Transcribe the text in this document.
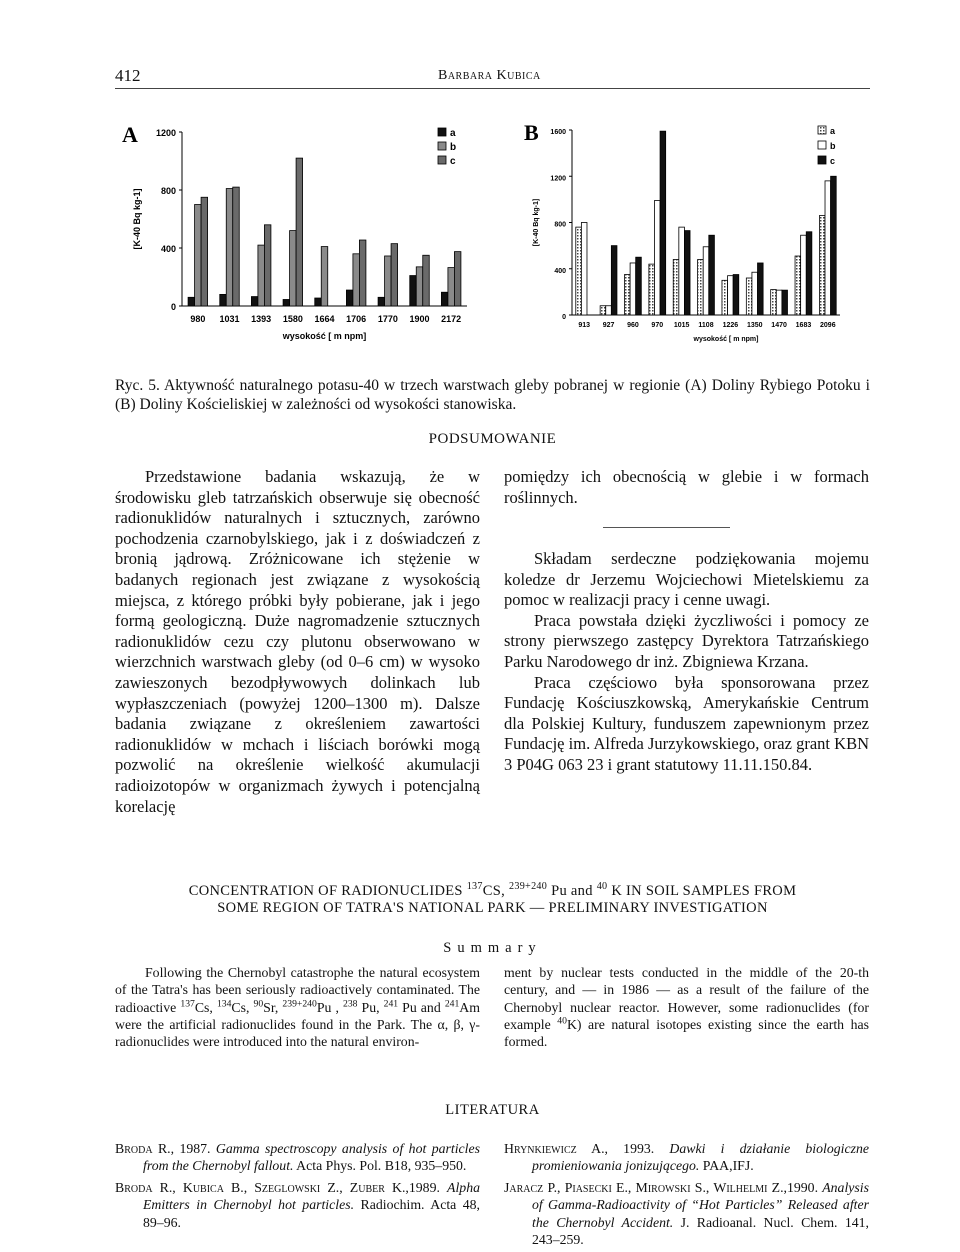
412	Barbara Kubica
A
[K-40 Bq kg-1]
0
400
800
1200
980 1031 1393 1580 1664 1706 1770 1900 2172
wysokość [ m npm]
a
b
c
B
[K-40 Bq kg-1]
0
400
800
1200
1600
913 927 960 970 1015 1108 1226 1350 1470 1683 2096
wysokość [ m npm]
a
b
c
Ryc. 5. Aktywność naturalnego potasu-40 w trzech warstwach gleby pobranej w regionie (A) Doliny Rybiego Potoku i (B) Doliny Kościeliskiej w zależności od wysokości stanowiska.
PODSUMOWANIE

Przedstawione badania wskazują, że w środowisku gleb tatrzańskich obserwuje się obecność radionuklidów naturalnych i sztucznych, zarówno pochodzenia czarnobylskiego, jak i z doświadczeń z bronią jądrową. Zróżnicowane ich stężenie w badanych regionach jest związane z wysokością miejsca, z którego próbki były pobierane, jak i jego formą geologiczną. Duże nagromadzenie sztucznych radionuklidów cezu czy plutonu obserwowano w wierzchnich warstwach gleby (od 0–6 cm) w wysoko zawieszonych bezodpływowych dolinkach lub wypłaszczeniach (powyżej 1200–1300 m). Dalsze badania związane z określeniem zawartości radionuklidów w mchach i liściach borówki mogą pozwolić na określenie wielkość akumulacji radioizotopów w organizmach żywych i potencjalną korelację

pomiędzy ich obecnością w glebie i w formach roślinnych.

Składam serdeczne podziękowania mojemu koledze dr Jerzemu Wojciechowi Mietelskiemu za pomoc w realizacji pracy i cenne uwagi.

Praca powstała dzięki życzliwości i pomocy ze strony pierwszego zastępcy Dyrektora Tatrzańskiego Parku Narodowego dr inż. Zbigniewa Krzana.

Praca częściowo była sponsorowana przez Fundację Kościuszkowską, Amerykańskie Centrum dla Polskiej Kultury, funduszem zapewnionym przez Fundację im. Alfreda Jurzykowskiego, oraz grant KBN 3 P04G 063 23 i grant statutowy 11.11.150.84.

CONCENTRATION OF RADIONUCLIDES $^{137}$CS, $^{239+240}$ Pu and $^{40}$ K IN SOIL SAMPLES FROM
SOME REGION OF TATRA'S NATIONAL PARK — PRELIMINARY INVESTIGATION
Summary

Following the Chernobyl catastrophe the natural ecosystem of the Tatra's has been seriously radioactively contaminated. The radioactive $^{137}$Cs, $^{134}$Cs, $^{90}$Sr, $^{239+240}$Pu , $^{238}$ Pu, $^{241}$ Pu and $^{241}$Am were the artificial radionuclides found in the Park. The α, β, γ-radionuclides were introduced into the natural environ-

ment by nuclear tests conducted in the middle of the 20-th century, and — in 1986 — as a result of the failure of the Chernobyl nuclear reactor. However, some radionuclides (for example $^{40}$K) are natural isotopes existing since the earth has formed.

LITERATURA

Broda R., 1987. Gamma spectroscopy analysis of hot particles from the Chernobyl fallout. Acta Phys. Pol. B18, 935–950.

Broda R., Kubica B., Szeglowski Z., Zuber K.,1989. Alpha Emitters in Chernobyl hot particles. Radiochim. Acta 48, 89–96.

Hrynkiewicz A., 1993. Dawki i działanie biologiczne promieniowania jonizującego. PAA,IFJ.

Jaracz P., Piasecki E., Mirowski S., Wilhelmi Z.,1990. Analysis of Gamma-Radioactivity of “Hot Particles” Released after the Chernobyl Accident. J. Radioanal. Nucl. Chem. 141, 243–259.
